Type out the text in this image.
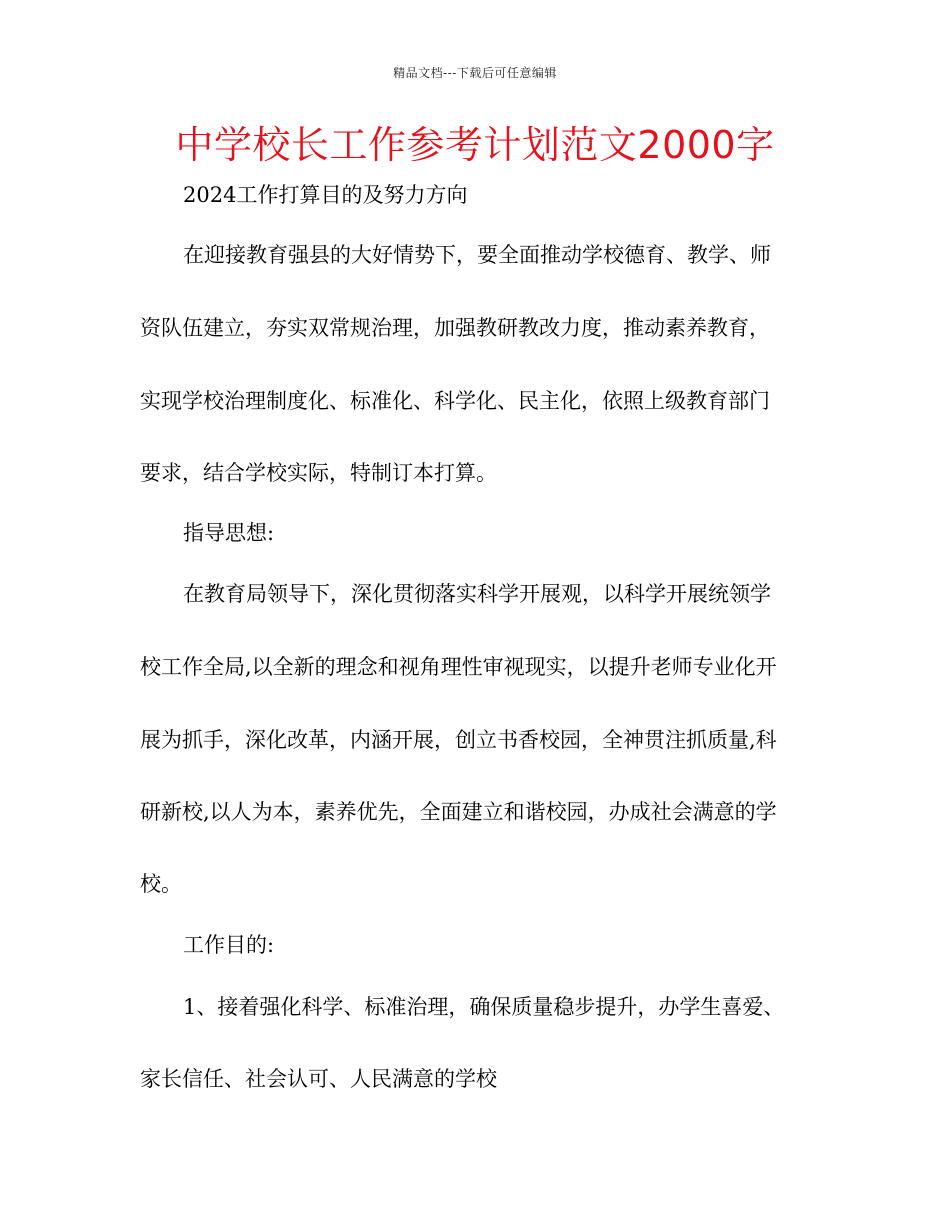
精品文档---下载后可任意编辑
中学校长工作参考计划范文2000字
2024工作打算目的及努力方向
在迎接教育强县的大好情势下，要全面推动学校德育、教学、师
资队伍建立，夯实双常规治理，加强教研教改力度，推动素养教育，
实现学校治理制度化、标准化、科学化、民主化，依照上级教育部门
要求，结合学校实际，特制订本打算。
指导思想:
在教育局领导下，深化贯彻落实科学开展观，以科学开展统领学
校工作全局,以全新的理念和视角理性审视现实，以提升老师专业化开
展为抓手，深化改革，内涵开展，创立书香校园，全神贯注抓质量,科
研新校,以人为本，素养优先，全面建立和谐校园，办成社会满意的学
校。
工作目的:
1、接着强化科学、标准治理，确保质量稳步提升，办学生喜爱、
家长信任、社会认可、人民满意的学校
